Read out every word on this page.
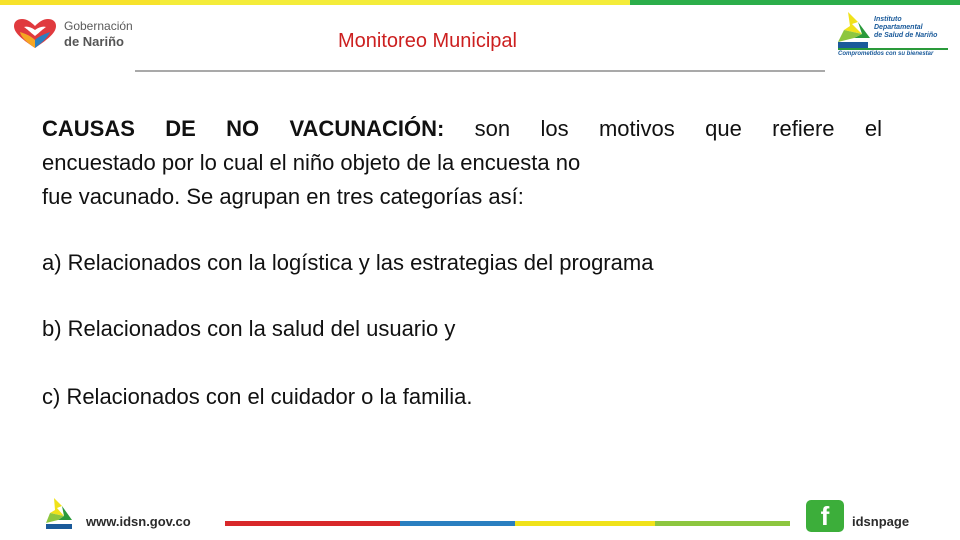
Gobernación
de Nariño	Monitoreo Municipal
Instituto
Departamental
de Salud de Nariño
Comprometidos con su bienestar
CAUSAS DE NO VACUNACIÓN: son los motivos que refiere el
encuestado por lo cual el niño objeto de la encuesta no
fue vacunado. Se agrupan en tres categorías así:
a) Relacionados con la logística y las estrategias del programa
b) Relacionados con la salud del usuario y
c) Relacionados con el cuidador o la familia.
www.idsn.gov.co	f	idsnpage
